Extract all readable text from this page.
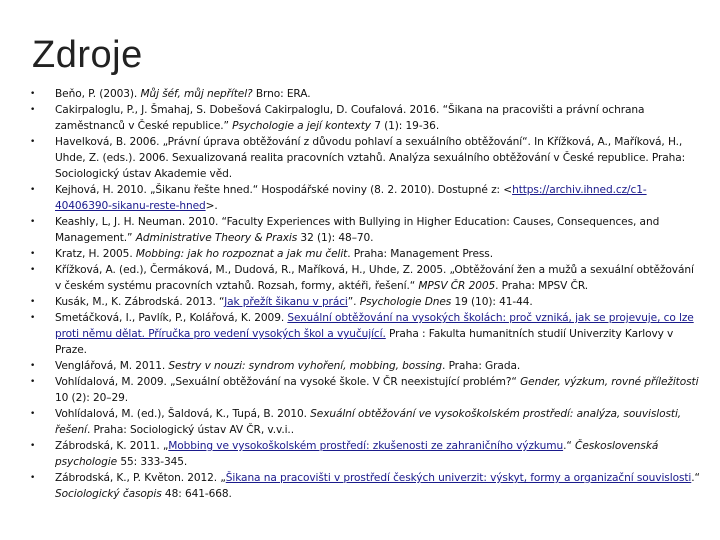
Zdroje
• Beňo, P. (2003). Můj šéf, můj nepřítel? Brno: ERA.
• Cakirpaloglu, P., J. Šmahaj, S. Dobešová Cakirpaloglu, D. Coufalová. 2016. “Šikana na pracovišti a právní ochrana zaměstnanců v České republice.” Psychologie a její kontexty 7 (1): 19-36.
• Havelková, B. 2006. „Právní úprava obtěžování z důvodu pohlaví a sexuálního obtěžování“. In Křížková, A., Maříková, H., Uhde, Z. (eds.). 2006. Sexualizovaná realita pracovních vztahů. Analýza sexuálního obtěžování v České republice. Praha: Sociologický ústav Akademie věd.
• Kejhová, H. 2010. „Šikanu řešte hned.“ Hospodářské noviny (8. 2. 2010). Dostupné z: <https://archiv.ihned.cz/c1-40406390-sikanu-reste-hned>.
• Keashly, L, J. H. Neuman. 2010. “Faculty Experiences with Bullying in Higher Education: Causes, Consequences, and Management.” Administrative Theory & Praxis 32 (1): 48–70.
• Kratz, H. 2005. Mobbing: jak ho rozpoznat a jak mu čelit. Praha: Management Press.
• Křížková, A. (ed.), Čermáková, M., Dudová, R., Maříková, H., Uhde, Z. 2005. „Obtěžování žen a mužů a sexuální obtěžování v českém systému pracovních vztahů. Rozsah, formy, aktéři, řešení.“ MPSV ČR 2005. Praha: MPSV ČR.
• Kusák, M., K. Zábrodská. 2013. “Jak přežít šikanu v práci”. Psychologie Dnes 19 (10): 41-44.
• Smetáčková, I., Pavlík, P., Kolářová, K. 2009. Sexuální obtěžování na vysokých školách: proč vzniká, jak se projevuje, co lze proti němu dělat. Příručka pro vedení vysokých škol a vyučující. Praha : Fakulta humanitních studií Univerzity Karlovy v Praze.
• Venglářová, M. 2011. Sestry v nouzi: syndrom vyhoření, mobbing, bossing. Praha: Grada.
• Vohlídalová, M. 2009. „Sexuální obtěžování na vysoké škole. V ČR neexistující problém?“ Gender, výzkum, rovné příležitosti 10 (2): 20–29.
• Vohlídalová, M. (ed.), Šaldová, K., Tupá, B. 2010. Sexuální obtěžování ve vysokoškolském prostředí: analýza, souvislosti, řešení. Praha: Sociologický ústav AV ČR, v.v.i..
• Zábrodská, K. 2011. „Mobbing ve vysokoškolském prostředí: zkušenosti ze zahraničního výzkumu.“ Československá psychologie 55: 333-345.
• Zábrodská, K., P. Květon. 2012. „Šikana na pracovišti v prostředí českých univerzit: výskyt, formy a organizační souvislosti.“ Sociologický časopis 48: 641-668.
